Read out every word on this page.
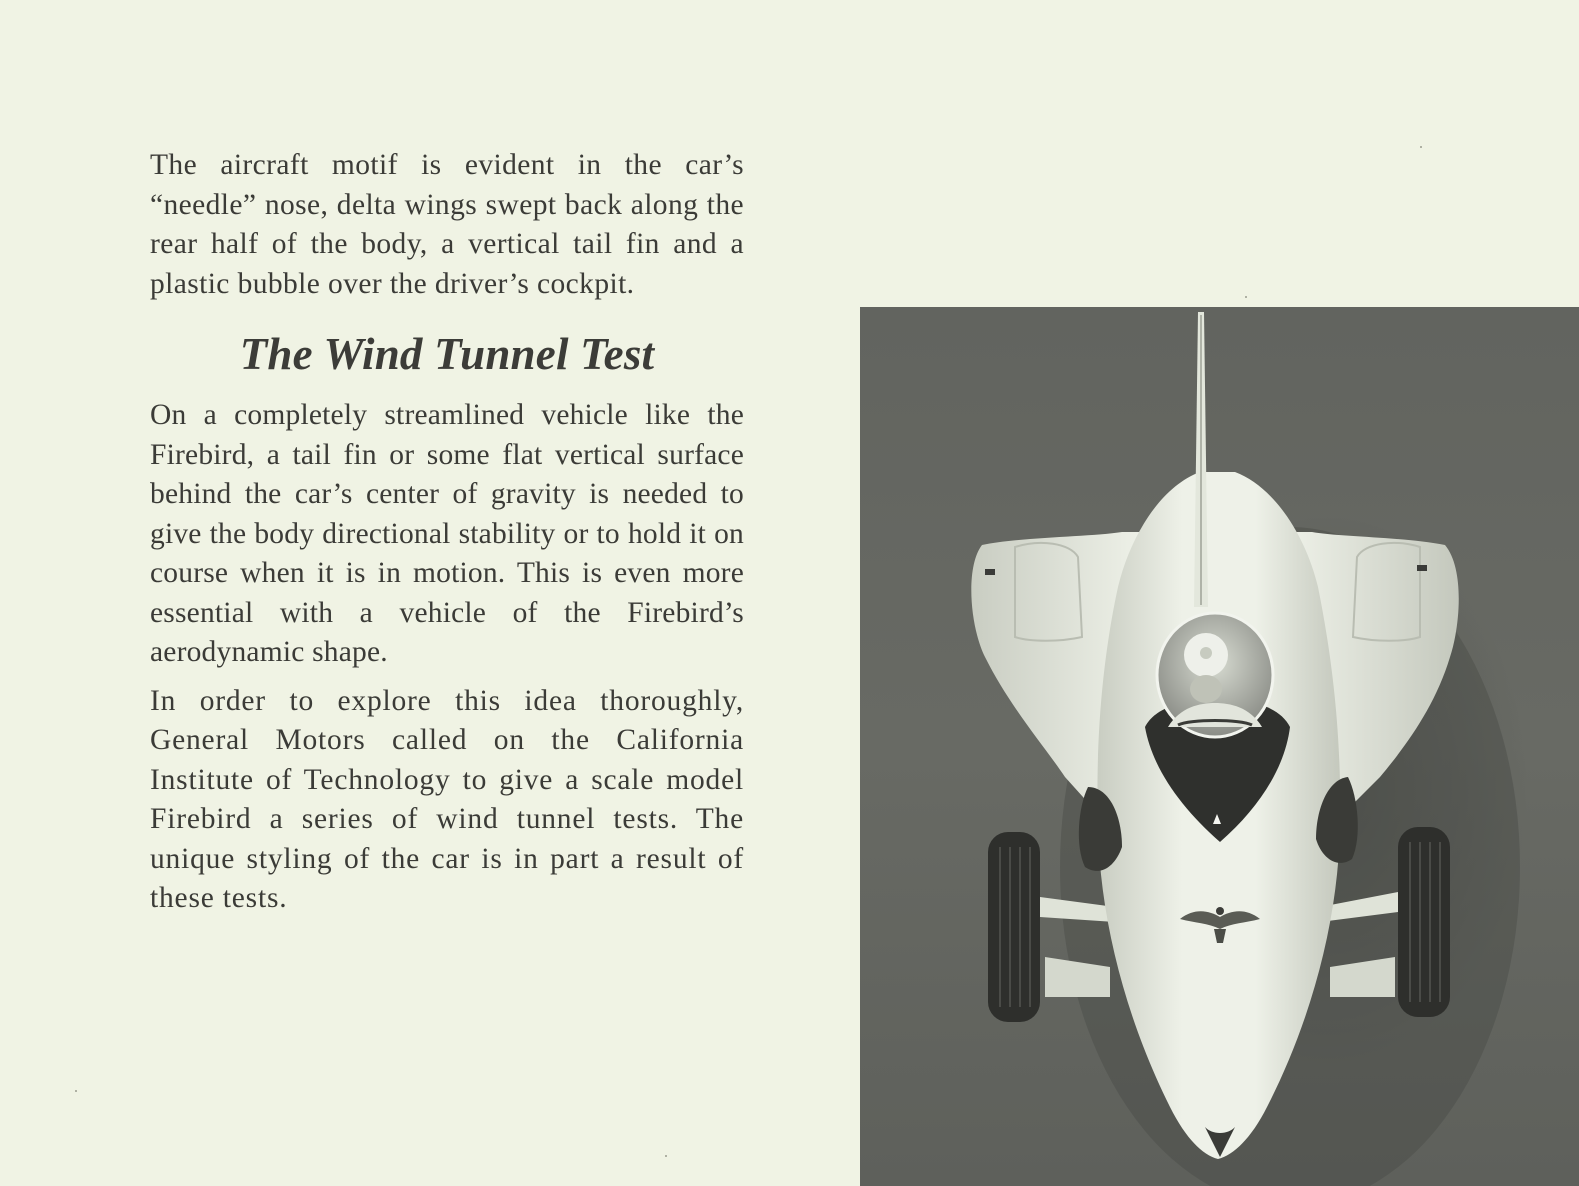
The aircraft motif is evident in the car’s “needle” nose, delta wings swept back along the rear half of the body, a vertical tail fin and a plastic bubble over the driver’s cockpit.

The Wind Tunnel Test

On a completely streamlined vehicle like the Firebird, a tail fin or some flat vertical surface behind the car’s center of gravity is needed to give the body directional stability or to hold it on course when it is in motion. This is even more essential with a vehicle of the Firebird’s aerodynamic shape.

In order to explore this idea thoroughly, General Motors called on the California Institute of Technology to give a scale model Firebird a series of wind tunnel tests. The unique styling of the car is in part a result of these tests.
